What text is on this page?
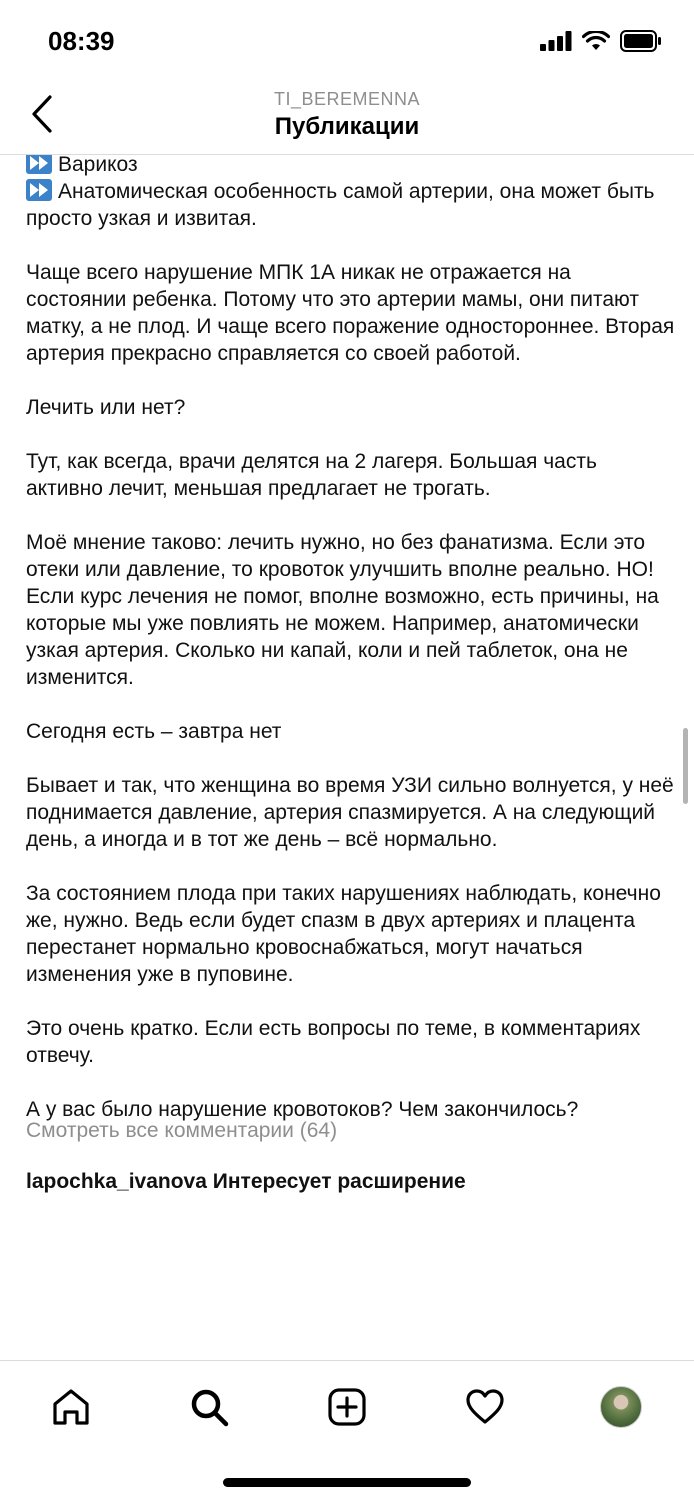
08:39
TI_BEREMENNA
Публикации

Варикоз

Анатомическая особенность самой артерии, она может быть просто узкая и извитая.

Чаще всего нарушение МПК 1А никак не отражается на состоянии ребенка. Потому что это артерии мамы, они питают матку, а не плод. И чаще всего поражение одностороннее. Вторая артерия прекрасно справляется со своей работой.

Лечить или нет?

Тут, как всегда, врачи делятся на 2 лагеря. Большая часть активно лечит, меньшая предлагает не трогать.

Моё мнение таково: лечить нужно, но без фанатизма. Если это отеки или давление, то кровоток улучшить вполне реально. НО! Если курс лечения не помог, вполне возможно, есть причины, на которые мы уже повлиять не можем. Например, анатомически узкая артерия. Сколько ни капай, коли и пей таблеток, она не изменится.

Сегодня есть – завтра нет

Бывает и так, что женщина во время УЗИ сильно волнуется, у неё поднимается давление, артерия спазмируется. А на следующий день, а иногда и в тот же день – всё нормально.

За состоянием плода при таких нарушениях наблюдать, конечно же, нужно. Ведь если будет спазм в двух артериях и плацента перестанет нормально кровоснабжаться, могут начаться изменения уже в пуповине.

Это очень кратко. Если есть вопросы по теме, в комментариях отвечу.

А у вас было нарушение кровотоков? Чем закончилось?

Смотреть все комментарии (64)
lapochka_ivanova Интересует расширение
